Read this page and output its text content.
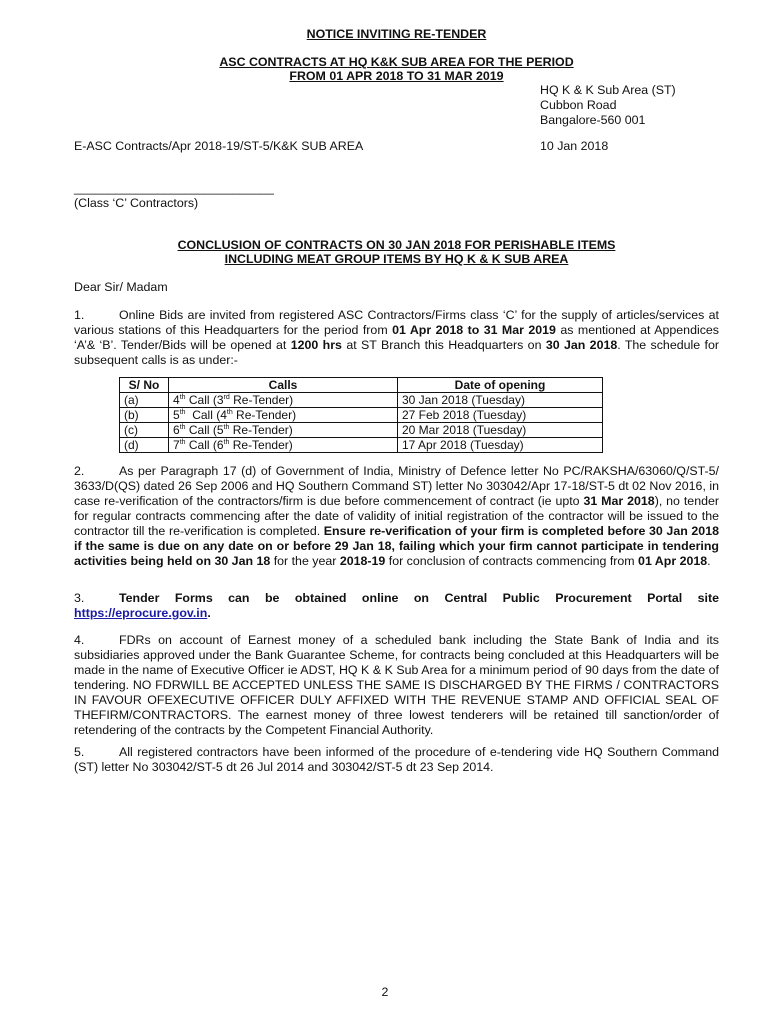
NOTICE INVITING RE-TENDER
ASC CONTRACTS AT HQ K&K SUB AREA FOR THE PERIOD
FROM 01 APR 2018 TO 31 MAR 2019
HQ K & K Sub Area (ST)
Cubbon Road
Bangalore-560 001
E-ASC Contracts/Apr 2018-19/ST-5/K&K SUB AREA	10 Jan 2018
_____________________________
(Class ‘C’ Contractors)
CONCLUSION OF CONTRACTS ON 30 JAN 2018 FOR PERISHABLE ITEMS
INCLUDING MEAT GROUP ITEMS BY HQ K & K SUB AREA
Dear Sir/ Madam
1.	Online Bids are invited from registered ASC Contractors/Firms class ‘C’ for the supply of articles/services at various stations of this Headquarters for the period from 01 Apr 2018 to 31 Mar 2019 as mentioned at Appendices ‘A’& ‘B’. Tender/Bids will be opened at 1200 hrs at ST Branch this Headquarters on 30 Jan 2018. The schedule for subsequent calls is as under:-
S/ No	Calls	Date of opening
(a)	4th Call (3rd Re-Tender)	30 Jan 2018 (Tuesday)
(b)	5th  Call (4th Re-Tender)	27 Feb 2018 (Tuesday)
(c)	6th Call (5th Re-Tender)	20 Mar 2018 (Tuesday)
(d)	7th Call (6th Re-Tender)	17 Apr 2018 (Tuesday)
2.	As per Paragraph 17 (d) of Government of India, Ministry of Defence letter No PC/RAKSHA/63060/Q/ST-5/ 3633/D(QS) dated 26 Sep 2006 and HQ Southern Command ST) letter No 303042/Apr 17-18/ST-5 dt 02 Nov 2016, in case re-verification of the contractors/firm is due before commencement of contract (ie upto 31 Mar 2018), no tender for regular contracts commencing after the date of validity of initial registration of the contractor will be issued to the contractor till the re-verification is completed. Ensure re-verification of your firm is completed before 30 Jan 2018 if the same is due on any date on or before 29 Jan 18, failing which your firm cannot participate in tendering activities being held on 30 Jan 18 for the year 2018-19 for conclusion of contracts commencing from 01 Apr 2018.
3.	Tender Forms can be obtained online on Central Public Procurement Portal site https://eprocure.gov.in.
4.	FDRs on account of Earnest money of a scheduled bank including the State Bank of India and its subsidiaries approved under the Bank Guarantee Scheme, for contracts being concluded at this Headquarters will be made in the name of Executive Officer ie ADST, HQ K & K Sub Area for a minimum period of 90 days from the date of tendering. NO FDRWILL BE ACCEPTED UNLESS THE SAME IS DISCHARGED BY THE FIRMS / CONTRACTORS IN FAVOUR OFEXECUTIVE OFFICER DULY AFFIXED WITH THE REVENUE STAMP AND OFFICIAL SEAL OF THEFIRM/CONTRACTORS. The earnest money of three lowest tenderers will be retained till sanction/order of retendering of the contracts by the Competent Financial Authority.
5.	All registered contractors have been informed of the procedure of e-tendering vide HQ Southern Command (ST) letter No 303042/ST-5 dt 26 Jul 2014 and 303042/ST-5 dt 23 Sep 2014.
2
